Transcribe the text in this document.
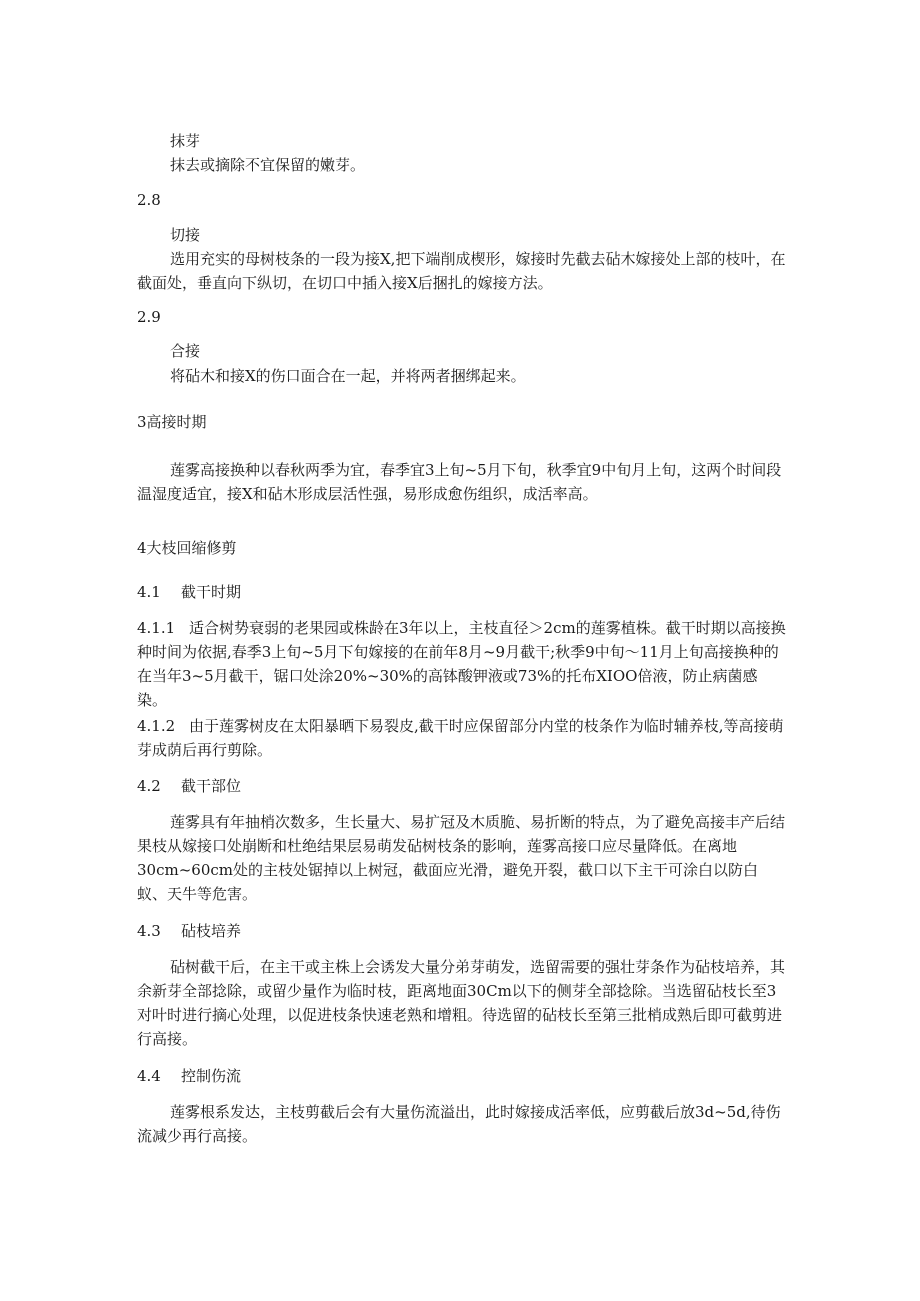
抹芽

抹去或摘除不宜保留的嫩芽。

2.8

切接

选用充实的母树枝条的一段为接X,把下端削成楔形，嫁接时先截去砧木嫁接处上部的枝叶，在截面处，垂直向下纵切，在切口中插入接X后捆扎的嫁接方法。

2.9

合接

将砧木和接X的伤口面合在一起，并将两者捆绑起来。

3高接时期

莲雾高接换种以春秋两季为宜，春季宜3上旬~5月下旬，秋季宜9中旬月上旬，这两个时间段温湿度适宜，接X和砧木形成层活性强，易形成愈伤组织，成活率高。

4大枝回缩修剪

4.1 截干时期

4.1.1 适合树势衰弱的老果园或株龄在3年以上，主枝直径＞2cm的莲雾植株。截干时期以高接换种时间为依据,春季3上旬~5月下旬嫁接的在前年8月~9月截干;秋季9中旬～11月上旬高接换种的在当年3~5月截干，锯口处涂20%~30%的高钵酸钾液或73%的托布XIOO倍液，防止病菌感染。

4.1.2 由于莲雾树皮在太阳暴晒下易裂皮,截干时应保留部分内堂的枝条作为临时辅养枝,等高接萌芽成荫后再行剪除。

4.2 截干部位

莲雾具有年抽梢次数多，生长量大、易扩冠及木质脆、易折断的特点，为了避免高接丰产后结果枝从嫁接口处崩断和杜绝结果层易萌发砧树枝条的影响，莲雾高接口应尽量降低。在离地30cm~60cm处的主枝处锯掉以上树冠，截面应光滑，避免开裂，截口以下主干可涂白以防白蚁、天牛等危害。

4.3 砧枝培养

砧树截干后，在主干或主株上会诱发大量分弟芽萌发，选留需要的强壮芽条作为砧枝培养，其余新芽全部捻除，或留少量作为临时枝，距离地面30Cm以下的侧芽全部捻除。当选留砧枝长至3对叶时进行摘心处理，以促进枝条快速老熟和增粗。待选留的砧枝长至第三批梢成熟后即可截剪进行高接。

4.4 控制伤流

莲雾根系发达，主枝剪截后会有大量伤流溢出，此时嫁接成活率低，应剪截后放3d~5d,待伤流减少再行高接。
